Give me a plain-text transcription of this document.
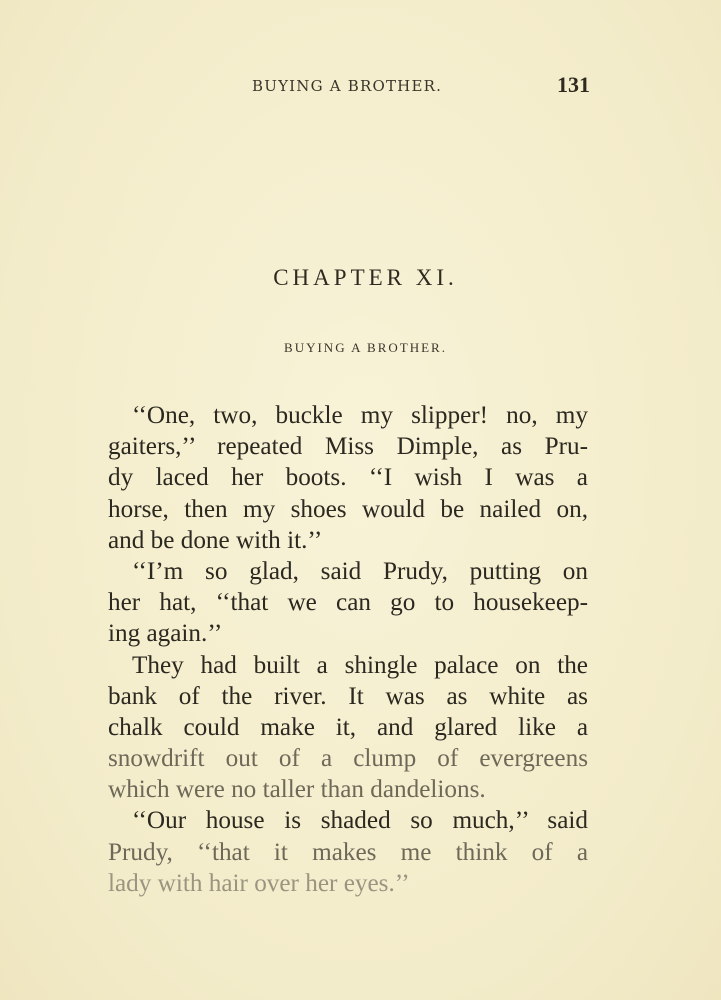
BUYING A BROTHER.	131
CHAPTER XI.
BUYING A BROTHER.
‘‘One, two, buckle my slipper! no, my
gaiters,’’ repeated Miss Dimple, as Pru-
dy laced her boots. ‘‘I wish I was a
horse, then my shoes would be nailed on,
and be done with it.’’
‘‘I’m so glad, said Prudy, putting on
her hat, ‘‘that we can go to housekeep-
ing again.’’
They had built a shingle palace on the
bank of the river. It was as white as
chalk could make it, and glared like a
snowdrift out of a clump of evergreens
which were no taller than dandelions.
‘‘Our house is shaded so much,’’ said
Prudy, ‘‘that it makes me think of a
lady with hair over her eyes.’’
